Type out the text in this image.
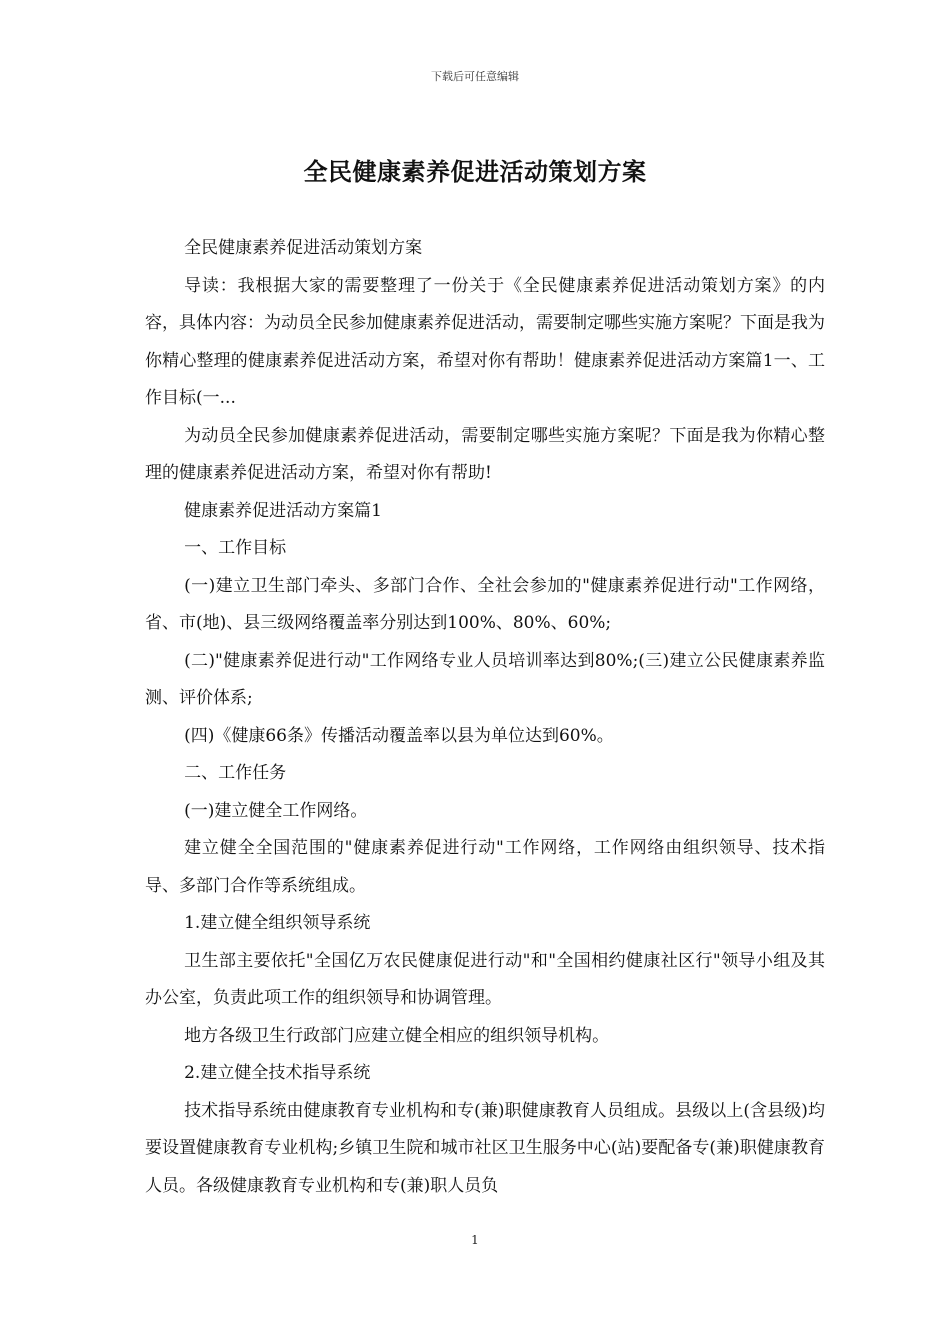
下载后可任意编辑
全民健康素养促进活动策划方案

全民健康素养促进活动策划方案

导读：我根据大家的需要整理了一份关于《全民健康素养促进活动策划方案》的内容，具体内容：为动员全民参加健康素养促进活动，需要制定哪些实施方案呢？下面是我为你精心整理的健康素养促进活动方案，希望对你有帮助！健康素养促进活动方案篇1一、工作目标(一...

为动员全民参加健康素养促进活动，需要制定哪些实施方案呢？下面是我为你精心整理的健康素养促进活动方案，希望对你有帮助!

健康素养促进活动方案篇1

一、工作目标

(一)建立卫生部门牵头、多部门合作、全社会参加的"健康素养促进行动"工作网络，省、市(地)、县三级网络覆盖率分别达到100%、80%、60%;

(二)"健康素养促进行动"工作网络专业人员培训率达到80%;(三)建立公民健康素养监测、评价体系;

(四)《健康66条》传播活动覆盖率以县为单位达到60%。

二、工作任务

(一)建立健全工作网络。

建立健全全国范围的"健康素养促进行动"工作网络，工作网络由组织领导、技术指导、多部门合作等系统组成。

1.建立健全组织领导系统

卫生部主要依托"全国亿万农民健康促进行动"和"全国相约健康社区行"领导小组及其办公室，负责此项工作的组织领导和协调管理。

地方各级卫生行政部门应建立健全相应的组织领导机构。

2.建立健全技术指导系统

技术指导系统由健康教育专业机构和专(兼)职健康教育人员组成。县级以上(含县级)均要设置健康教育专业机构;乡镇卫生院和城市社区卫生服务中心(站)要配备专(兼)职健康教育人员。各级健康教育专业机构和专(兼)职人员负

1
